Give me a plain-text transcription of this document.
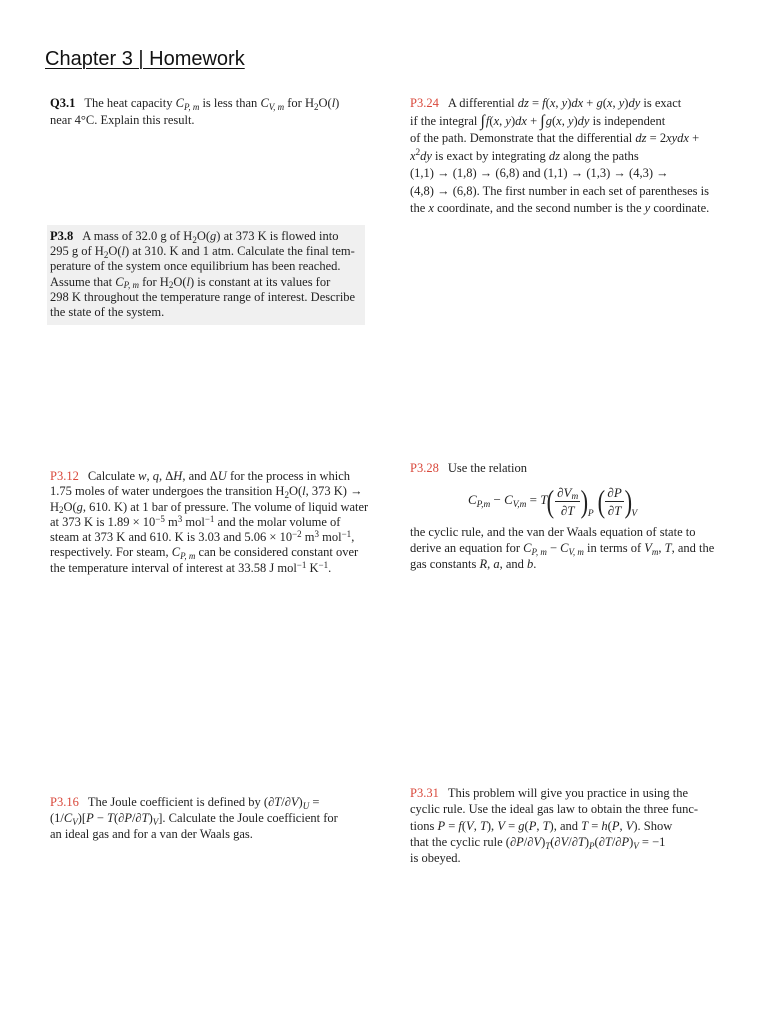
Chapter 3 | Homework
Q3.1 The heat capacity $C_{P, m}$ is less than $C_{V, m}$ for $H_2O(l)$
near 4°C. Explain this result.
P3.8 A mass of 32.0 g of $H_2O(g)$ at 373 K is flowed into
295 g of $H_2O(l)$ at 310. K and 1 atm. Calculate the final tem-
perature of the system once equilibrium has been reached.
Assume that $C_{P, m}$ for $H_2O(l)$ is constant at its values for
298 K throughout the temperature range of interest. Describe
the state of the system.
P3.12 Calculate w, q, ΔH, and ΔU for the process in which
1.75 moles of water undergoes the transition $H_2O(l$, 373 K) →
$H_2O(g$, 610. K) at 1 bar of pressure. The volume of liquid water
at 373 K is $1.89 \times 10^{-5}$ $m^3$ mol$^{-1}$ and the molar volume of
steam at 373 K and 610. K is 3.03 and $5.06 \times 10^{-2}$ $m^3$ mol$^{-1}$,
respectively. For steam, $C_{P, m}$ can be considered constant over
the temperature interval of interest at 33.58 J mol$^{-1}$ $K^{-1}$.
P3.16 The Joule coefficient is defined by $(\partial T/\partial V)_U$ =
$(1/C_V)[P - T(\partial P/\partial T)_V]$. Calculate the Joule coefficient for
an ideal gas and for a van der Waals gas.
P3.24 A differential dz = f(x, y)dx + g(x, y)dy is exact
if the integral ∫f(x, y)dx + ∫g(x, y)dy is independent
of the path. Demonstrate that the differential dz = 2xydx +
$x^2dy$ is exact by integrating dz along the paths
(1,1) → (1,8) → (6,8) and (1,1) → (1,3) → (4,3) →
(4,8) → (6,8). The first number in each set of parentheses is
the x coordinate, and the second number is the y coordinate.
P3.28 Use the relation
$C_{P,m} - C_{V,m} = T( \frac{\partial V_m}{\partial T} )P$ ( $\frac{\partial P}{\partial T} )V$
the cyclic rule, and the van der Waals equation of state to
derive an equation for $C_{P, m} - C_{V, m}$ in terms of $V_m$, T, and the
gas constants R, a, and b.
P3.31 This problem will give you practice in using the
cyclic rule. Use the ideal gas law to obtain the three func-
tions P = f(V, T), V = g(P, T), and T = h(P, V). Show
that the cyclic rule $(\partial P/\partial V)_T(\partial V/\partial T)_P(\partial T/\partial P)_V = -1$
is obeyed.
